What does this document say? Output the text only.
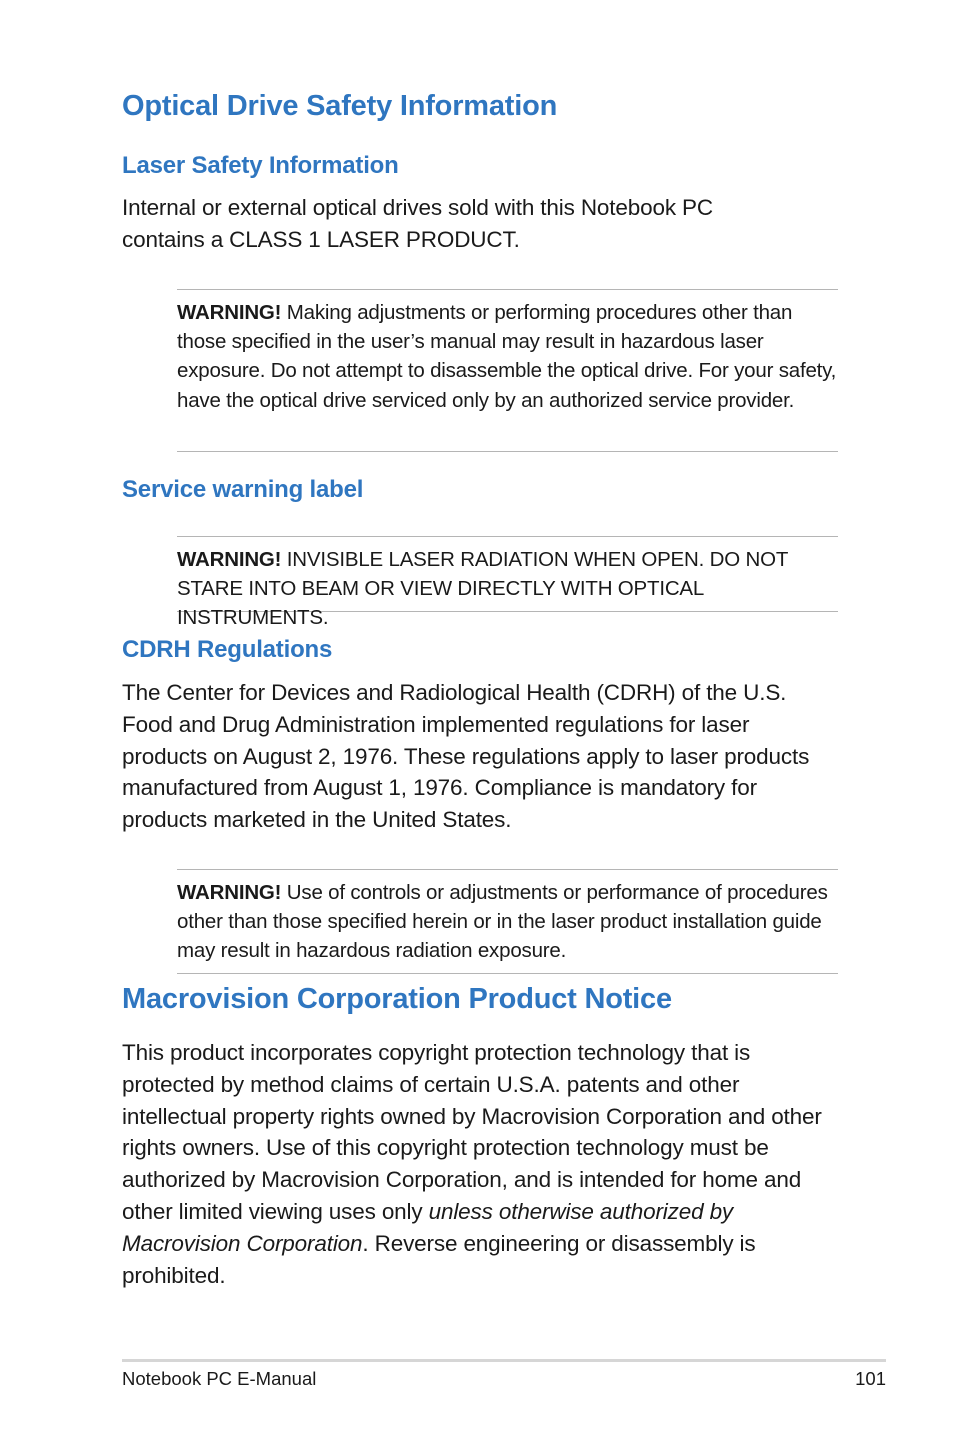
Optical Drive Safety Information
Laser Safety Information

Internal or external optical drives sold with this Notebook PC contains a CLASS 1 LASER PRODUCT.

WARNING! Making adjustments or performing procedures other than those specified in the user’s manual may result in hazardous laser exposure. Do not attempt to disassemble the optical drive. For your safety, have the optical drive serviced only by an authorized service provider.

Service warning label

WARNING! INVISIBLE LASER RADIATION WHEN OPEN. DO NOT STARE INTO BEAM OR VIEW DIRECTLY WITH OPTICAL INSTRUMENTS.

CDRH Regulations

The Center for Devices and Radiological Health (CDRH) of the U.S. Food and Drug Administration implemented regulations for laser products on August 2, 1976. These regulations apply to laser products manufactured from August 1, 1976. Compliance is mandatory for products marketed in the United States.

WARNING! Use of controls or adjustments or performance of procedures other than those specified herein or in the laser product installation guide may result in hazardous radiation exposure.

Macrovision Corporation Product Notice

This product incorporates copyright protection technology that is protected by method claims of certain U.S.A. patents and other intellectual property rights owned by Macrovision Corporation and other rights owners. Use of this copyright protection technology must be authorized by Macrovision Corporation, and is intended for home and other limited viewing uses only unless otherwise authorized by Macrovision Corporation. Reverse engineering or disassembly is prohibited.

Notebook PC E-Manual	101
